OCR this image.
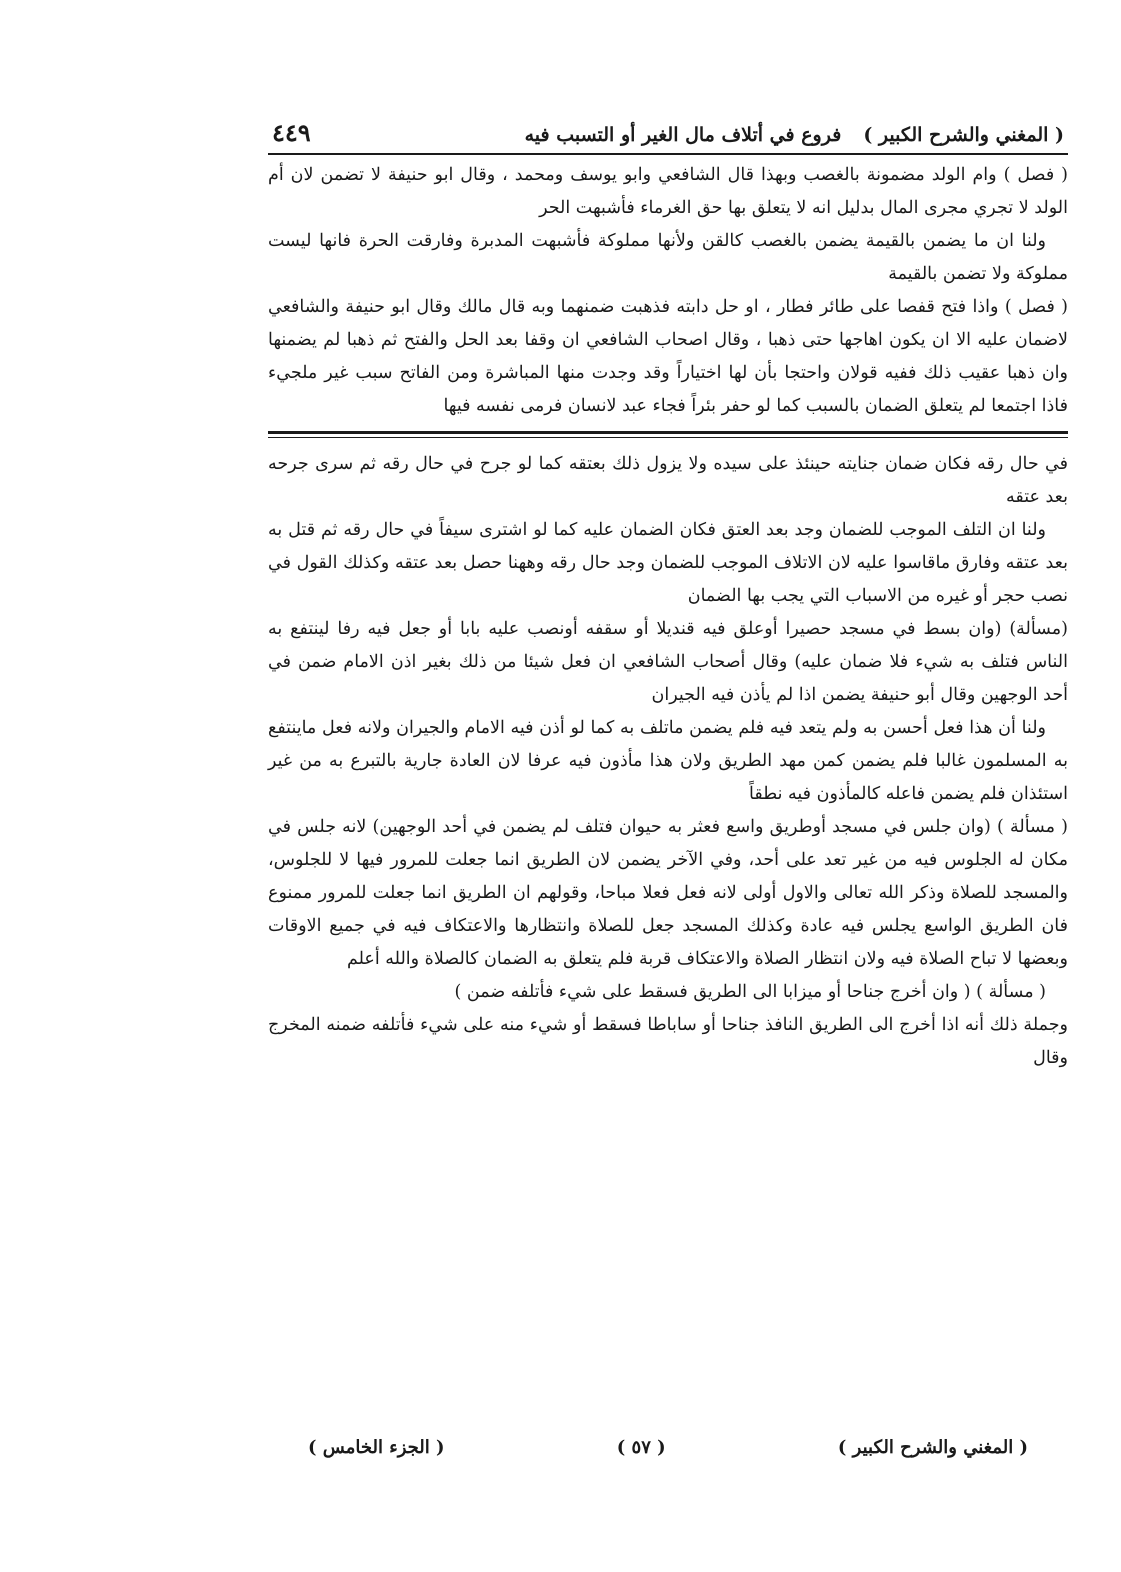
( المغني والشرح الكبير )
فروع في أتلاف مال الغير أو التسبب فيه
٤٤٩

( فصل ) وام الولد مضمونة بالغصب وبهذا قال الشافعي وابو يوسف ومحمد ، وقال ابو حنيفة لا تضمن لان أم الولد لا تجري مجرى المال بدليل انه لا يتعلق بها حق الغرماء فأشبهت الحر

ولنا ان ما يضمن بالقيمة يضمن بالغصب كالقن ولأنها مملوكة فأشبهت المدبرة وفارقت الحرة فانها ليست مملوكة ولا تضمن بالقيمة

( فصل ) واذا فتح قفصا على طائر فطار ، او حل دابته فذهبت ضمنهما وبه قال مالك وقال ابو حنيفة والشافعي لاضمان عليه الا ان يكون اهاجها حتى ذهبا ، وقال اصحاب الشافعي ان وقفا بعد الحل والفتح ثم ذهبا لم يضمنها وان ذهبا عقيب ذلك ففيه قولان واحتجا بأن لها اختياراً وقد وجدت منها المباشرة ومن الفاتح سبب غير ملجيء فاذا اجتمعا لم يتعلق الضمان بالسبب كما لو حفر بئراً فجاء عبد لانسان فرمى نفسه فيها

في حال رقه فكان ضمان جنايته حينئذ على سيده ولا يزول ذلك بعتقه كما لو جرح في حال رقه ثم سرى جرحه بعد عتقه

ولنا ان التلف الموجب للضمان وجد بعد العتق فكان الضمان عليه كما لو اشترى سيفاً في حال رقه ثم قتل به بعد عتقه وفارق ماقاسوا عليه لان الاتلاف الموجب للضمان وجد حال رقه وههنا حصل بعد عتقه وكذلك القول في نصب حجر أو غيره من الاسباب التي يجب بها الضمان

(مسألة) (وان بسط في مسجد حصيرا أوعلق فيه قنديلا أو سقفه أونصب عليه بابا أو جعل فيه رفا لينتفع به الناس فتلف به شيء فلا ضمان عليه) وقال أصحاب الشافعي ان فعل شيئا من ذلك بغير اذن الامام ضمن في أحد الوجهين وقال أبو حنيفة يضمن اذا لم يأذن فيه الجيران

ولنا أن هذا فعل أحسن به ولم يتعد فيه فلم يضمن ماتلف به كما لو أذن فيه الامام والجيران ولانه فعل ماينتفع به المسلمون غالبا فلم يضمن كمن مهد الطريق ولان هذا مأذون فيه عرفا لان العادة جارية بالتبرع به من غير استئذان فلم يضمن فاعله كالمأذون فيه نطقاً

( مسألة ) (وان جلس في مسجد أوطريق واسع فعثر به حيوان فتلف لم يضمن في أحد الوجهين) لانه جلس في مكان له الجلوس فيه من غير تعد على أحد، وفي الآخر يضمن لان الطريق انما جعلت للمرور فيها لا للجلوس، والمسجد للصلاة وذكر الله تعالى والاول أولى لانه فعل فعلا مباحا، وقولهم ان الطريق انما جعلت للمرور ممنوع فان الطريق الواسع يجلس فيه عادة وكذلك المسجد جعل للصلاة وانتظارها والاعتكاف فيه في جميع الاوقات وبعضها لا تباح الصلاة فيه ولان انتظار الصلاة والاعتكاف قربة فلم يتعلق به الضمان كالصلاة والله أعلم

( مسألة ) ( وان أخرج جناحا أو ميزابا الى الطريق فسقط على شيء فأتلفه ضمن )

وجملة ذلك أنه اذا أخرج الى الطريق النافذ جناحا أو ساباطا فسقط أو شيء منه على شيء فأتلفه ضمنه المخرج وقال

( المغني والشرح الكبير )
( ٥٧ )
( الجزء الخامس )
